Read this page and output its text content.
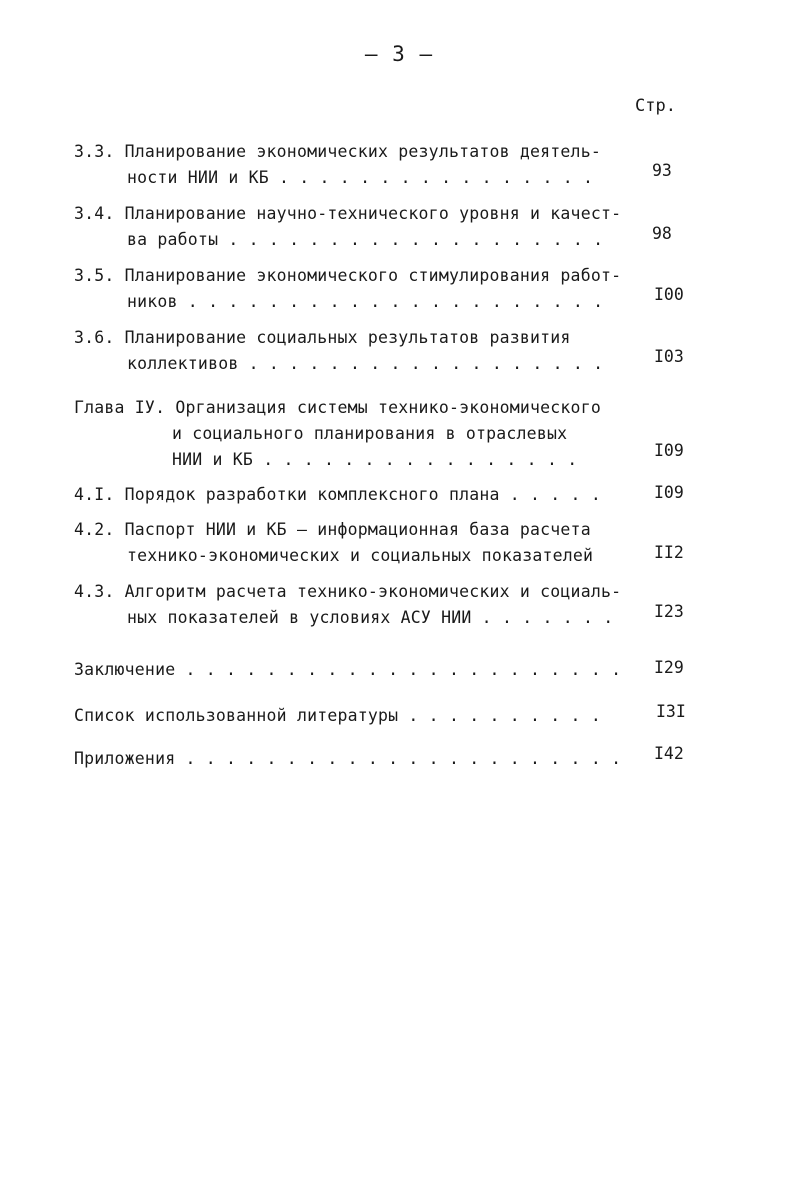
– 3 –
Стр.
3.3. Планирование экономических результатов деятель-
ности НИИ и КБ . . . . . . . . . . . . . . . .	93
3.4. Планирование научно-технического уровня и качест-
ва работы . . . . . . . . . . . . . . . . . . .	98
3.5. Планирование экономического стимулирования работ-
ников . . . . . . . . . . . . . . . . . . . . .	I00
3.6. Планирование социальных результатов развития
коллективов . . . . . . . . . . . . . . . . . .	I03
Глава IУ. Организация системы технико-экономического
и социального планирования в отраслевых
НИИ и КБ . . . . . . . . . . . . . . . .	I09
4.I. Порядок разработки комплексного плана . . . . .	I09
4.2. Паспорт НИИ и КБ – информационная база расчета
технико-экономических и социальных показателей	II2
4.3. Алгоритм расчета технико-экономических и социаль-
ных показателей в условиях АСУ НИИ . . . . . . . I23
Заключение . . . . . . . . . . . . . . . . . . . . . . I29
Список использованной литературы . . . . . . . . . .	I3I
Приложения . . . . . . . . . . . . . . . . . . . . . . I42
